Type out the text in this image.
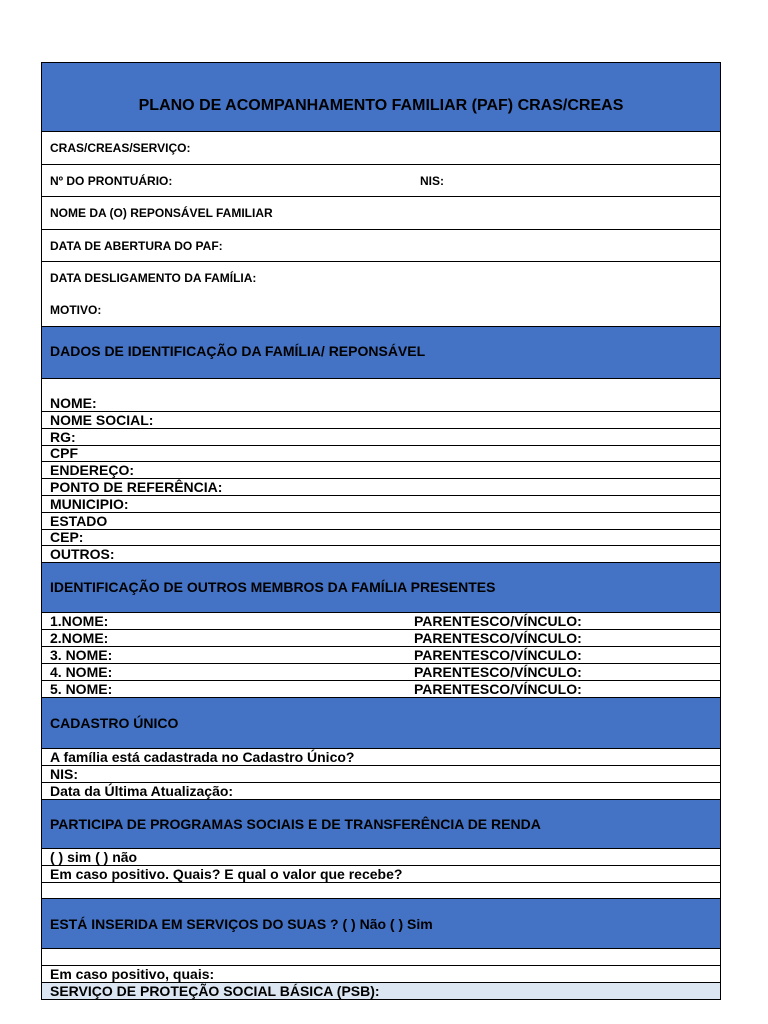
PLANO DE ACOMPANHAMENTO FAMILIAR (PAF) CRAS/CREAS
CRAS/CREAS/SERVIÇO:
Nº DO PRONTUÁRIO:	NIS:
NOME DA (O) REPONSÁVEL FAMILIAR
DATA DE ABERTURA DO PAF:
DATA DESLIGAMENTO DA FAMÍLIA:
MOTIVO:
DADOS DE IDENTIFICAÇÃO DA FAMÍLIA/ REPONSÁVEL
NOME:
NOME SOCIAL:
RG:
CPF
ENDEREÇO:
PONTO DE REFERÊNCIA:
MUNICIPIO:
ESTADO
CEP:
OUTROS:
IDENTIFICAÇÃO DE OUTROS MEMBROS DA FAMÍLIA PRESENTES
1.NOME:	PARENTESCO/VÍNCULO:
2.NOME:	PARENTESCO/VÍNCULO:
3. NOME:	PARENTESCO/VÍNCULO:
4. NOME:	PARENTESCO/VÍNCULO:
5. NOME:	PARENTESCO/VÍNCULO:
CADASTRO ÚNICO
A família está cadastrada no Cadastro Único?
NIS:
Data da Última Atualização:
PARTICIPA DE PROGRAMAS SOCIAIS E DE TRANSFERÊNCIA DE RENDA
( ) sim ( ) não
Em caso positivo. Quais? E qual o valor que recebe?
ESTÁ INSERIDA EM SERVIÇOS DO SUAS ? ( ) Não ( ) Sim
Em caso positivo, quais:
SERVIÇO DE PROTEÇÃO SOCIAL BÁSICA (PSB):
